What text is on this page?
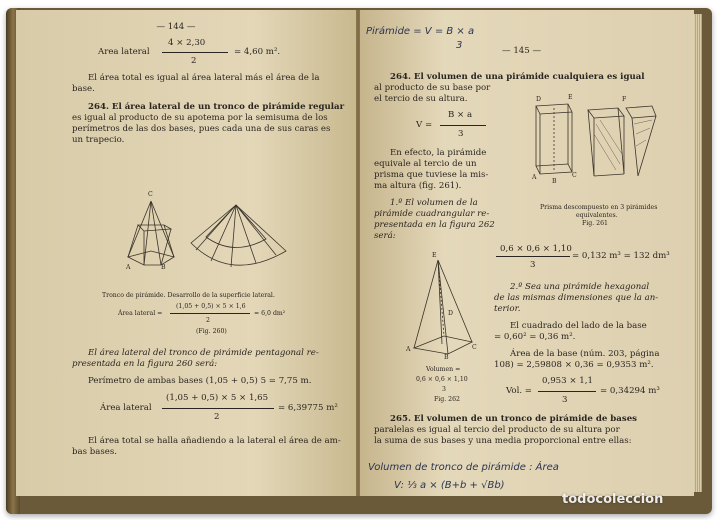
— 144 —
4 × 2,30
Area lateral	= 4,60 m².
2
El área total es igual al área lateral más el área de la
base.
264. El área lateral de un tronco de pirámide regular
es igual al producto de su apotema por la semisuma de los
perímetros de las dos bases, pues cada una de sus caras es
un trapecio.
C
A	B
Tronco de pirámide. Desarrollo de la superficie lateral.
(1,05 + 0,5) × 5 × 1,6
Área lateral =	= 6,0 dm²
2
(Fig. 260)
El área lateral del tronco de pirámide pentagonal re-
presentada en la figura 260 será:
Perímetro de ambas bases (1,05 + 0,5) 5 = 7,75 m.
(1,05 + 0,5) × 5 × 1,65
Área lateral	= 6,39775 m²
2
El área total se halla añadiendo a la lateral el área de am-
bas bases.
Pirámide = V = B × a
3	— 145 —
264. El volumen de una pirámide cualquiera es igual
al producto de su base por
el tercio de su altura.
B × a
V =
3
En efecto, la pirámide
equivale al tercio de un
prisma que tuviese la mis-
ma altura (fig. 261).
1.º El volumen de la
pirámide cuadrangular re-
presentada en la figura 262
será:
D	E	F
A
B
C
Prisma descompuesto en 3 pirámides
equivalentes.
Fig. 261
0,6 × 0,6 × 1,10
= 0,132 m³ = 132 dm³
3
E
A
B
C
D
Volumen =
0,6 × 0,6 × 1,10
3
Fig. 262
2.º Sea una pirámide hexagonal
de las mismas dimensiones que la an-
terior.
El cuadrado del lado de la base
= 0,60² = 0,36 m².
Área de la base (núm. 203, página
108) = 2,59808 × 0,36 = 0,9353 m².
0,953 × 1,1
Vol. =	= 0,34294 m³
3
265. El volumen de un tronco de pirámide de bases
paralelas es igual al tercio del producto de su altura por
la suma de sus bases y una media proporcional entre ellas:
Volumen de tronco de pirámide : Área
V: ⅓ a × (B+b + √Bb)
todocoleccion
